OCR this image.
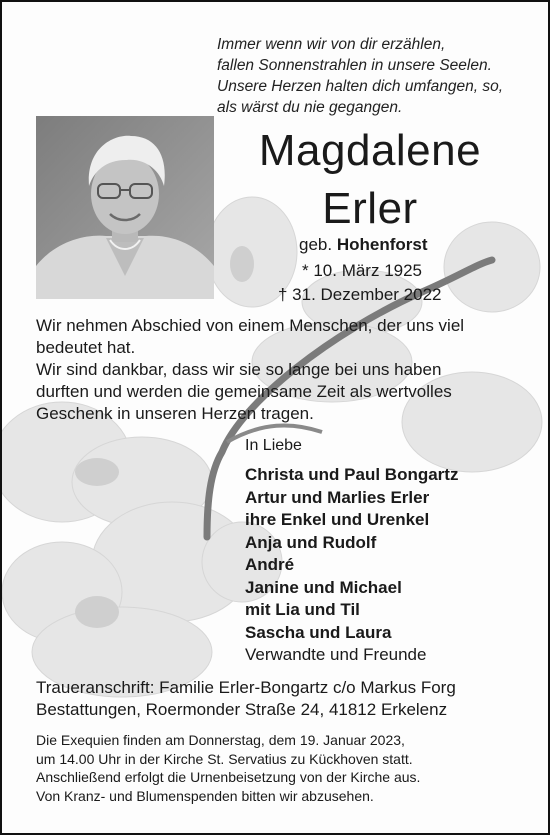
Immer wenn wir von dir erzählen,
fallen Sonnenstrahlen in unsere Seelen.
Unsere Herzen halten dich umfangen, so,
als wärst du nie gegangen.
Magdalene
Erler
geb. Hohenforst
* 10. März 1925
† 31. Dezember 2022
Wir nehmen Abschied von einem Menschen, der uns viel
bedeutet hat.
Wir sind dankbar, dass wir sie so lange bei uns haben
durften und werden die gemeinsame Zeit als wertvolles
Geschenk in unseren Herzen tragen.
In Liebe
Christa und Paul Bongartz
Artur und Marlies Erler
ihre Enkel und Urenkel
Anja und Rudolf
André
Janine und Michael
mit Lia und Til
Sascha und Laura
Verwandte und Freunde
Traueranschrift: Familie Erler-Bongartz c/o Markus Forg
Bestattungen, Roermonder Straße 24, 41812 Erkelenz
Die Exequien finden am Donnerstag, dem 19. Januar 2023,
um 14.00 Uhr in der Kirche St. Servatius zu Kückhoven statt.
Anschließend erfolgt die Urnenbeisetzung von der Kirche aus.
Von Kranz- und Blumenspenden bitten wir abzusehen.
